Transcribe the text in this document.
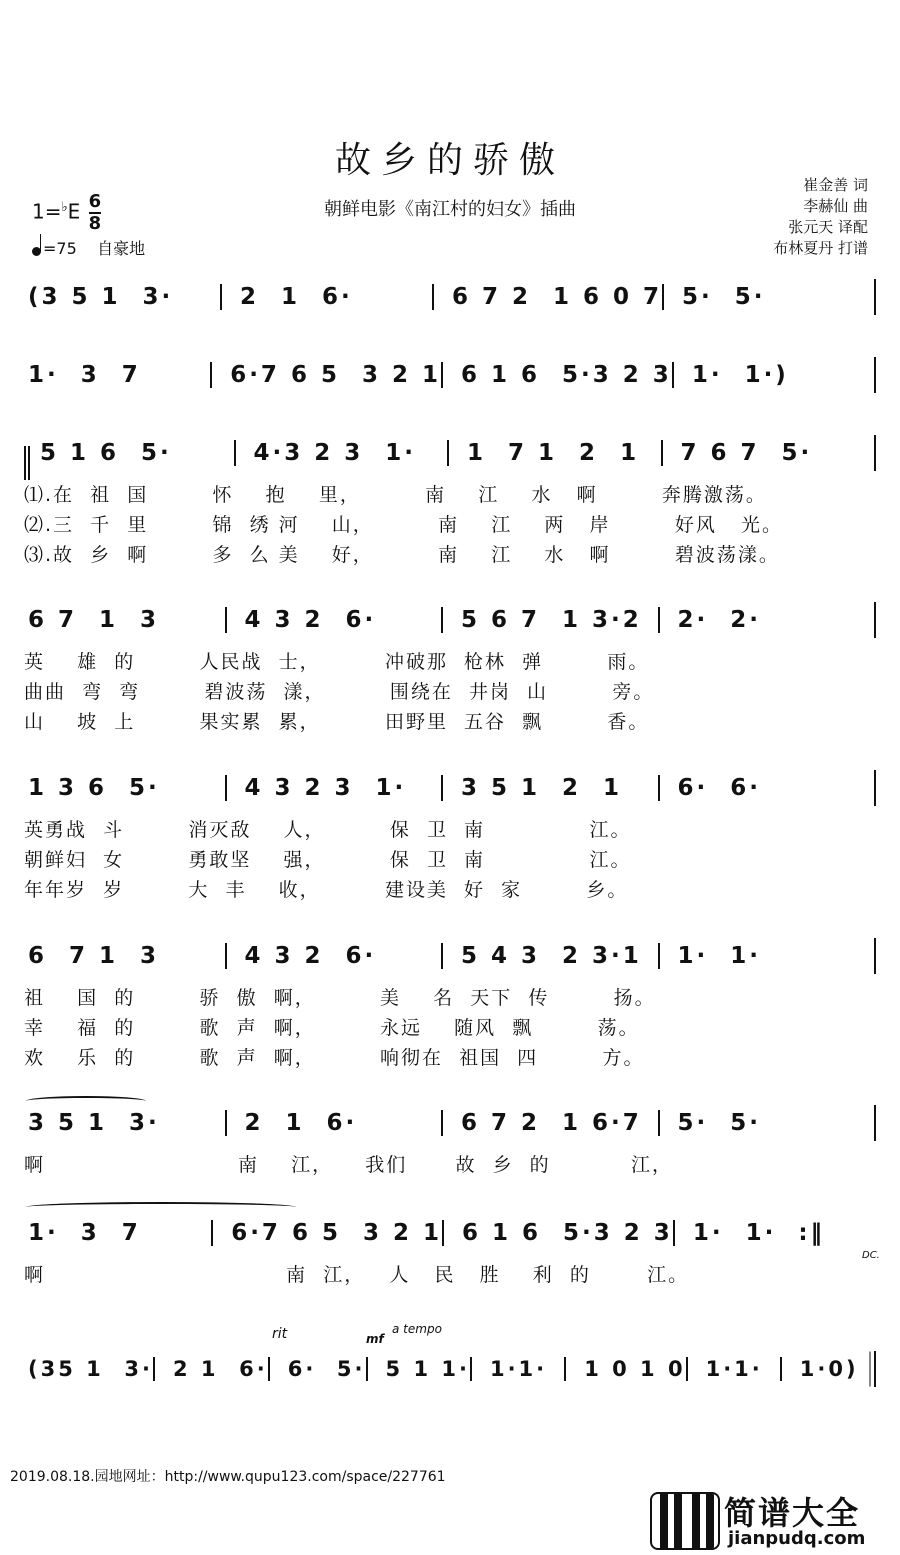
故乡的骄傲
朝鲜电影《南江村的妇女》插曲
$1=^♭E \frac{6}{8}$
=75 自豪地
崔金善 词
李赫仙 曲
张元天 译配
布林夏丹 打谱
(3 5 1  3·	2  1  6·	6 7 2  1 6 0 7 5·  5·
1·  3  7	6·7 6 5  3 2 1 6 1 6  5·3 2 3 1·  1·)
5 1 6  5·	4·3 2 3  1·	1  7 1  2  1	7 6 7  5·
⑴.在  祖  国        怀    抱    里，        南    江    水   啊        奔腾激荡。
⑵.三  千  里        锦  绣 河    山，        南    江    两   岸        好风   光。
⑶.故  乡  啊        多  么 美    好，        南    江    水   啊        碧波荡漾。
6 7  1  3	4 3 2  6·	5 6 7  1 3·2	2·  2·
英    雄  的        人民战  士，        冲破那  枪林  弹        雨。
曲曲  弯  弯        碧波荡  漾，        围绕在  井岗  山        旁。
山    坡  上        果实累  累，        田野里  五谷  飘        香。
1 3 6  5·	4 3 2 3  1·	3 5 1  2  1	6·  6·
英勇战  斗        消灭敌    人，        保  卫  南             江。
朝鲜妇  女        勇敢坚    强，        保  卫  南             江。
年年岁  岁        大  丰    收，        建设美  好  家        乡。
6  7 1  3	4 3 2  6·	5 4 3  2 3·1	1·  1·
祖    国  的        骄  傲  啊，        美    名  天下  传        扬。
幸    福  的        歌  声  啊，        永远    随风  飘        荡。
欢    乐  的        歌  声  啊，        响彻在  祖国  四        方。
3 5 1  3·	2  1  6·	6 7 2  1 6·7	5·  5·
啊                        南    江，    我们      故  乡  的          江，
1·  3  7	6·7 6 5  3 2 1 6 1 6  5·3 2 3 1·  1·  :‖
DC.
啊                              南  江，   人   民   胜    利  的       江。
rit	mf
a tempo
(35 1  3· 2 1  6· 6·  5· 5 1 1· 1·1·	1 0 1 0 1·1·	1·0)
2019.08.18.园地网址：http://www.qupu123.com/space/227761
简谱大全
jianpudq.com
